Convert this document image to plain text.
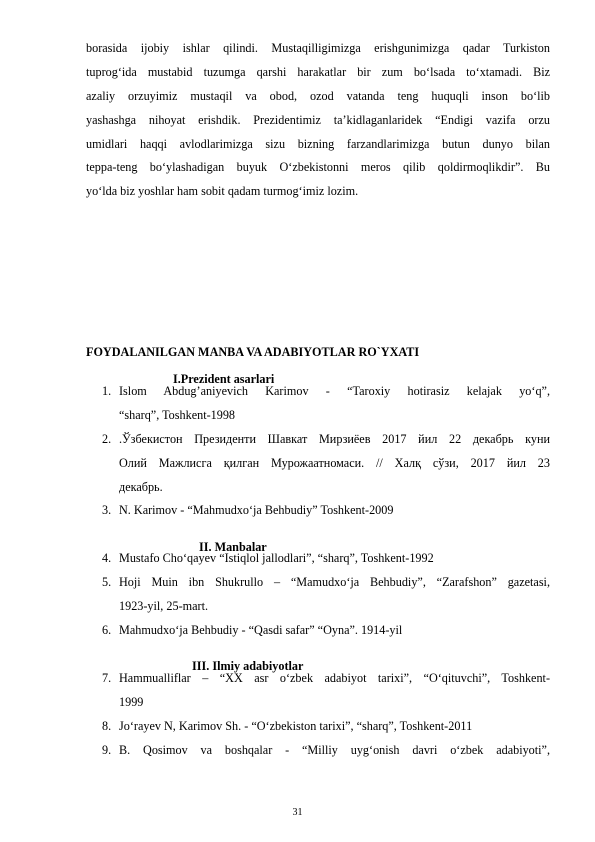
borasida ijobiy ishlar qilindi. Mustaqilligimizga erishgunimizga qadar Turkiston
tuprog‘ida mustabid tuzumga qarshi harakatlar bir zum bo‘lsada to‘xtamadi. Biz
azaliy orzuyimiz mustaqil va obod, ozod vatanda teng huquqli inson bo‘lib
yashashga nihoyat erishdik. Prezidentimiz ta’kidlaganlaridek “Endigi vazifa orzu
umidlari haqqi avlodlarimizga sizu bizning farzandlarimizga butun dunyo bilan
teppa-teng bo‘ylashadigan buyuk O‘zbekistonni meros qilib qoldirmoqlikdir”. Bu
yo‘lda biz yoshlar ham sobit qadam turmog‘imiz lozim.
FOYDALANILGAN MANBA VA ADABIYOTLAR RO`YXATI
I.Prezident asarlari
1. Islom Abdug’aniyevich Karimov - “Taroxiy hotirasiz kelajak yo‘q”,
“sharq”, Toshkent-1998
2. .Ўзбекистон Президенти Шавкат Мирзиёев 2017 йил 22 декабрь куни
Олий Мажлисга қилган Мурожаатномаси. // Халқ сўзи, 2017 йил 23
декабрь.
3. N. Karimov - “Mahmudxo‘ja Behbudiy” Toshkent-2009
II. Manbalar
4. Mustafo Cho‘qayev “Istiqlol jallodlari”, “sharq”, Toshkent-1992
5. Hoji Muin ibn Shukrullo – “Mamudxo‘ja Behbudiy”, “Zarafshon” gazetasi,
1923-yil, 25-mart.
6. Mahmudxo‘ja Behbudiy - “Qasdi safar” “Oyna”. 1914-yil
III. Ilmiy adabiyotlar
7. Hammualliflar – “XX asr o‘zbek adabiyot tarixi”, “O‘qituvchi”, Toshkent-
1999
8. Jo‘rayev N, Karimov Sh. - “O‘zbekiston tarixi”, “sharq”, Toshkent-2011
9. B. Qosimov va boshqalar - “Milliy uyg‘onish davri o‘zbek adabiyoti”,
31
